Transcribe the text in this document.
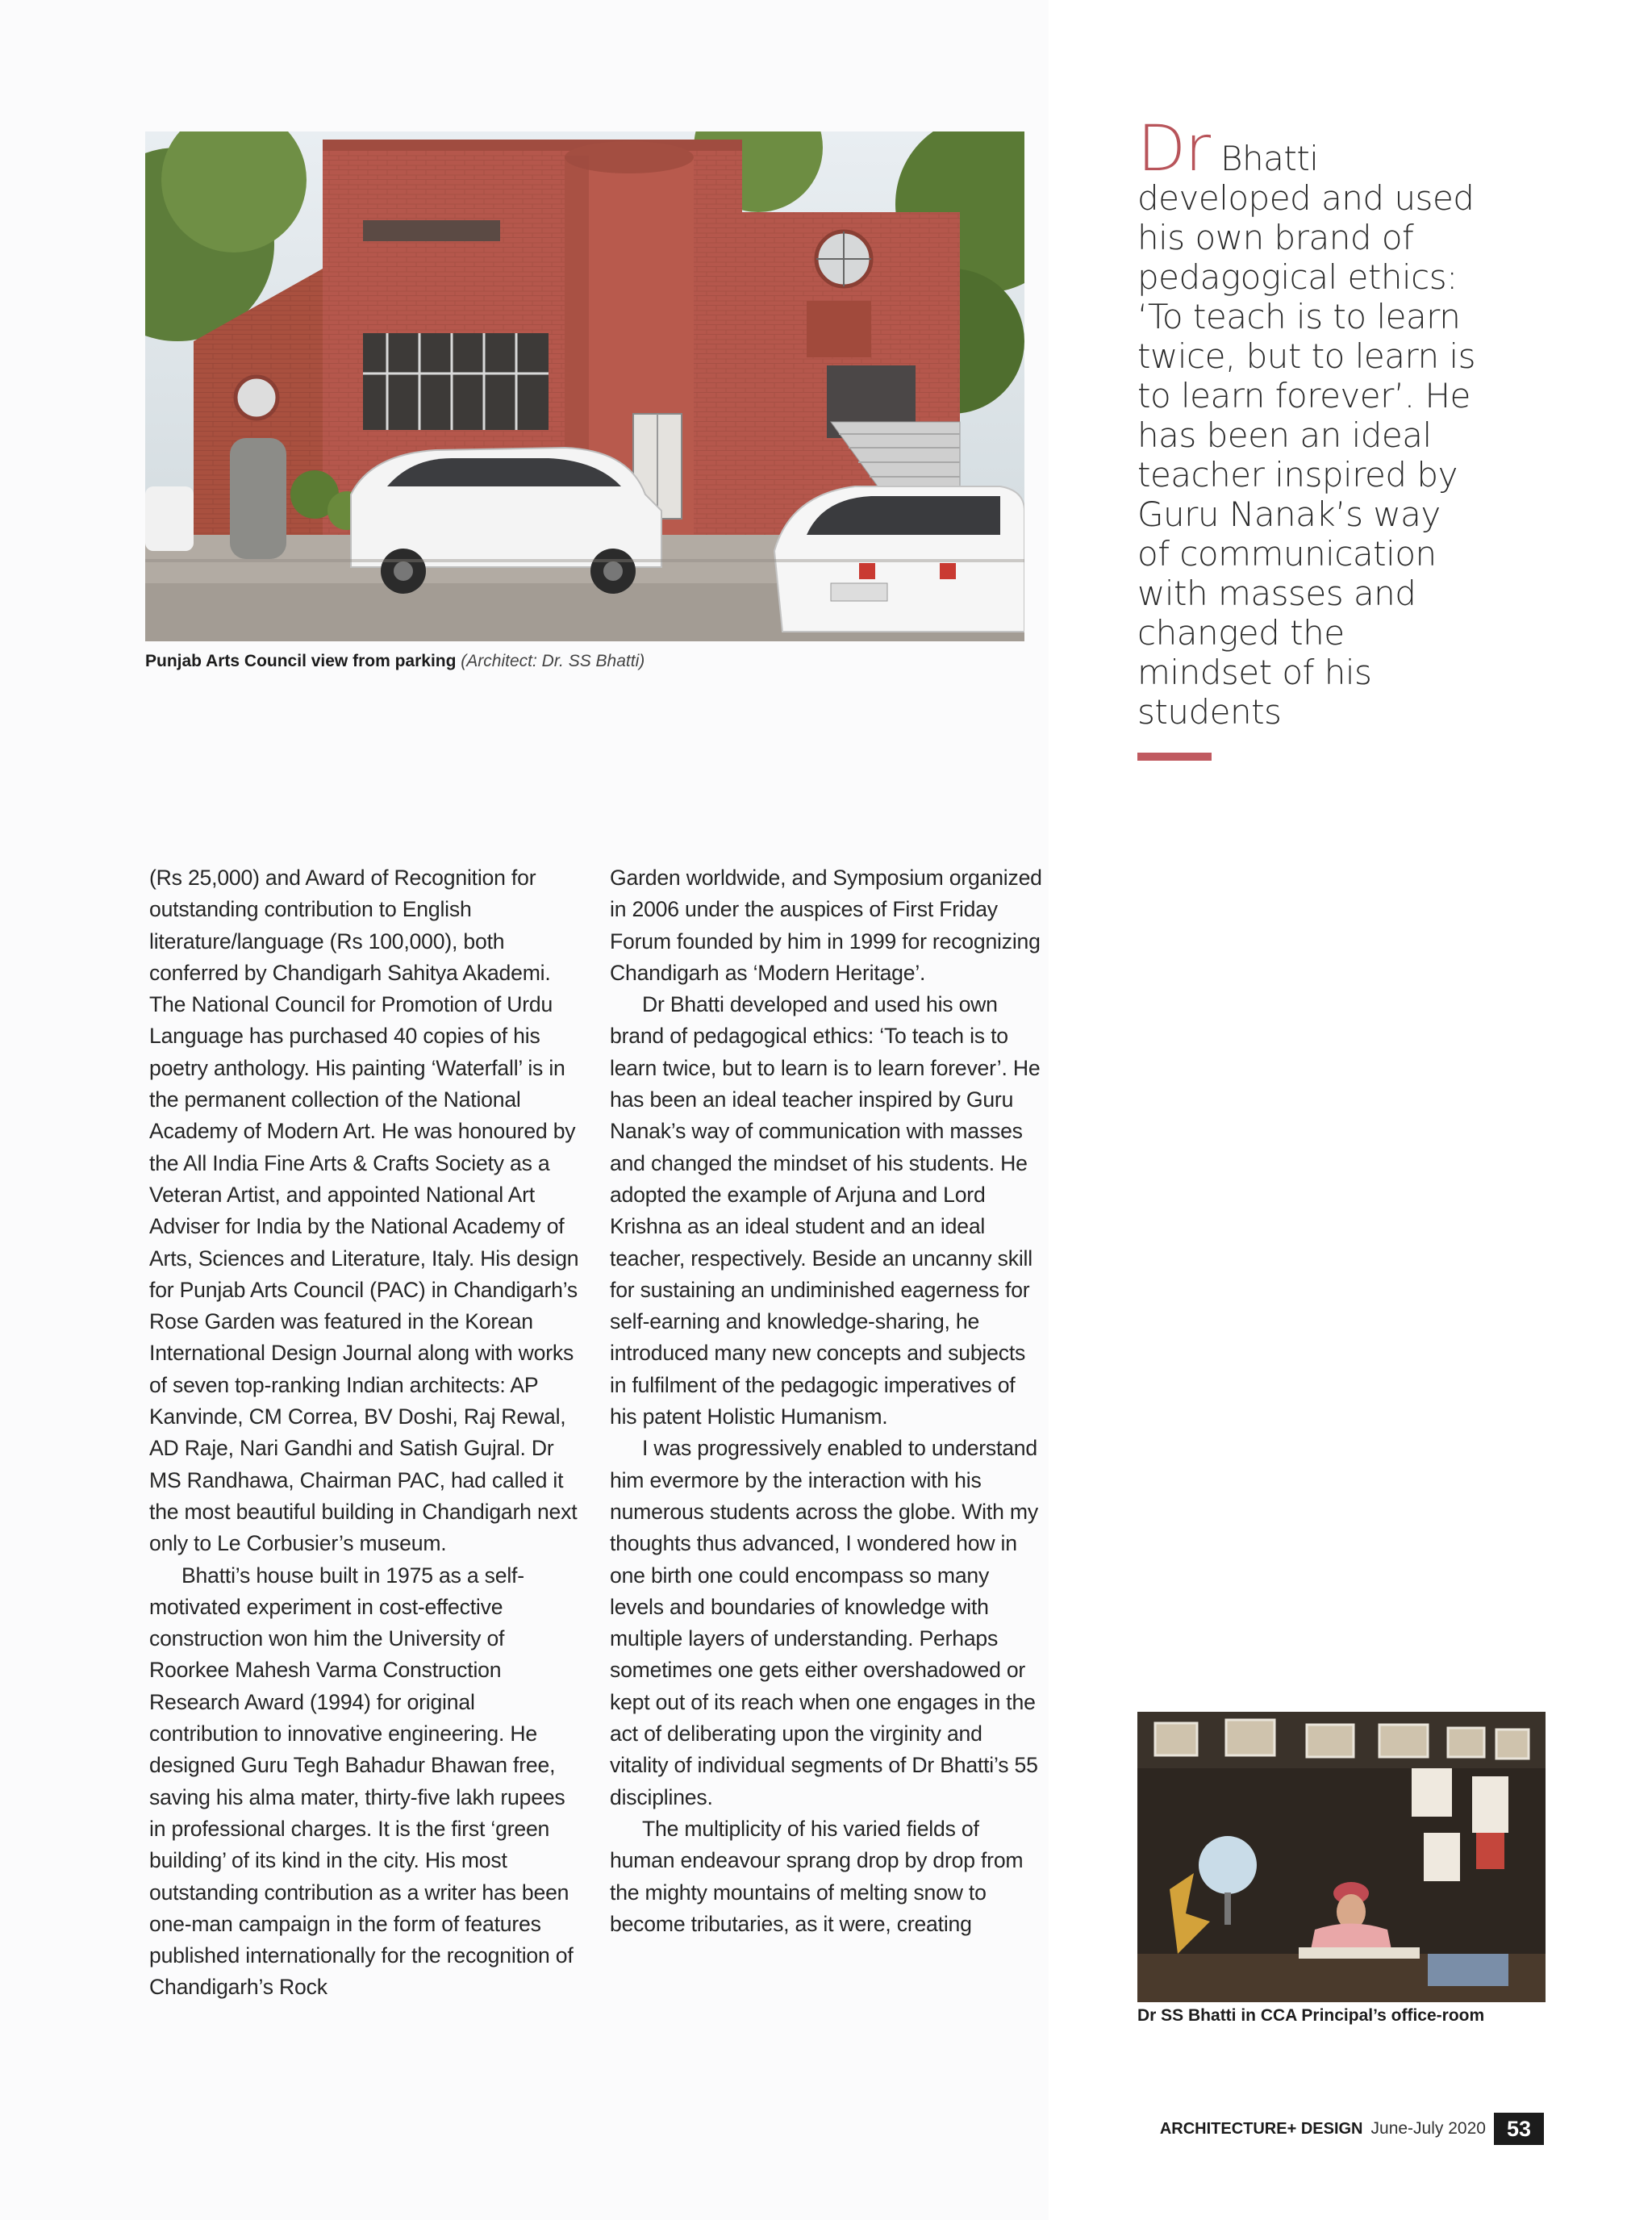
Punjab Arts Council view from parking (Architect: Dr. SS Bhatti)
Dr Bhatti developed and used his own brand of pedagogical ethics: ‘To teach is to learn twice, but to learn is to learn forever’. He has been an ideal teacher inspired by Guru Nanak’s way of communication with masses and changed the mindset of his students

(Rs 25,000) and Award of Recognition for outstanding contribution to English literature/language (Rs 100,000), both conferred by Chandigarh Sahitya Akademi. The National Council for Promotion of Urdu Language has purchased 40 copies of his poetry anthology. His painting ‘Waterfall’ is in the permanent collection of the National Academy of Modern Art. He was honoured by the All India Fine Arts & Crafts Society as a Veteran Artist, and appointed National Art Adviser for India by the National Academy of Arts, Sciences and Literature, Italy. His design for Punjab Arts Council (PAC) in Chandigarh’s Rose Garden was featured in the Korean International Design Journal along with works of seven top-ranking Indian architects: AP Kanvinde, CM Correa, BV Doshi, Raj Rewal, AD Raje, Nari Gandhi and Satish Gujral. Dr MS Randhawa, Chairman PAC, had called it the most beautiful building in Chandigarh next only to Le Corbusier’s museum.

Bhatti’s house built in 1975 as a self-motivated experiment in cost-effective construction won him the University of Roorkee Mahesh Varma Construction Research Award (1994) for original contribution to innovative engineering. He designed Guru Tegh Bahadur Bhawan free, saving his alma mater, thirty-five lakh rupees in professional charges. It is the first ‘green building’ of its kind in the city. His most outstanding contribution as a writer has been one-man campaign in the form of features published internationally for the recognition of Chandigarh’s Rock

Garden worldwide, and Symposium organized in 2006 under the auspices of First Friday Forum founded by him in 1999 for recognizing Chandigarh as ‘Modern Heritage’.

Dr Bhatti developed and used his own brand of pedagogical ethics: ‘To teach is to learn twice, but to learn is to learn forever’. He has been an ideal teacher inspired by Guru Nanak’s way of communication with masses and changed the mindset of his students. He adopted the example of Arjuna and Lord Krishna as an ideal student and an ideal teacher, respectively. Beside an uncanny skill for sustaining an undiminished eagerness for self-earning and knowledge-sharing, he introduced many new concepts and subjects in fulfilment of the pedagogic imperatives of his patent Holistic Humanism.

I was progressively enabled to understand him evermore by the interaction with his numerous students across the globe. With my thoughts thus advanced, I wondered how in one birth one could encompass so many levels and boundaries of knowledge with multiple layers of understanding. Perhaps sometimes one gets either overshadowed or kept out of its reach when one engages in the act of deliberating upon the virginity and vitality of individual segments of Dr Bhatti’s 55 disciplines.

The multiplicity of his varied fields of human endeavour sprang drop by drop from the mighty mountains of melting snow to become tributaries, as it were, creating

Dr SS Bhatti in CCA Principal’s office-room
ARCHITECTURE+ DESIGN June-July 2020 53
